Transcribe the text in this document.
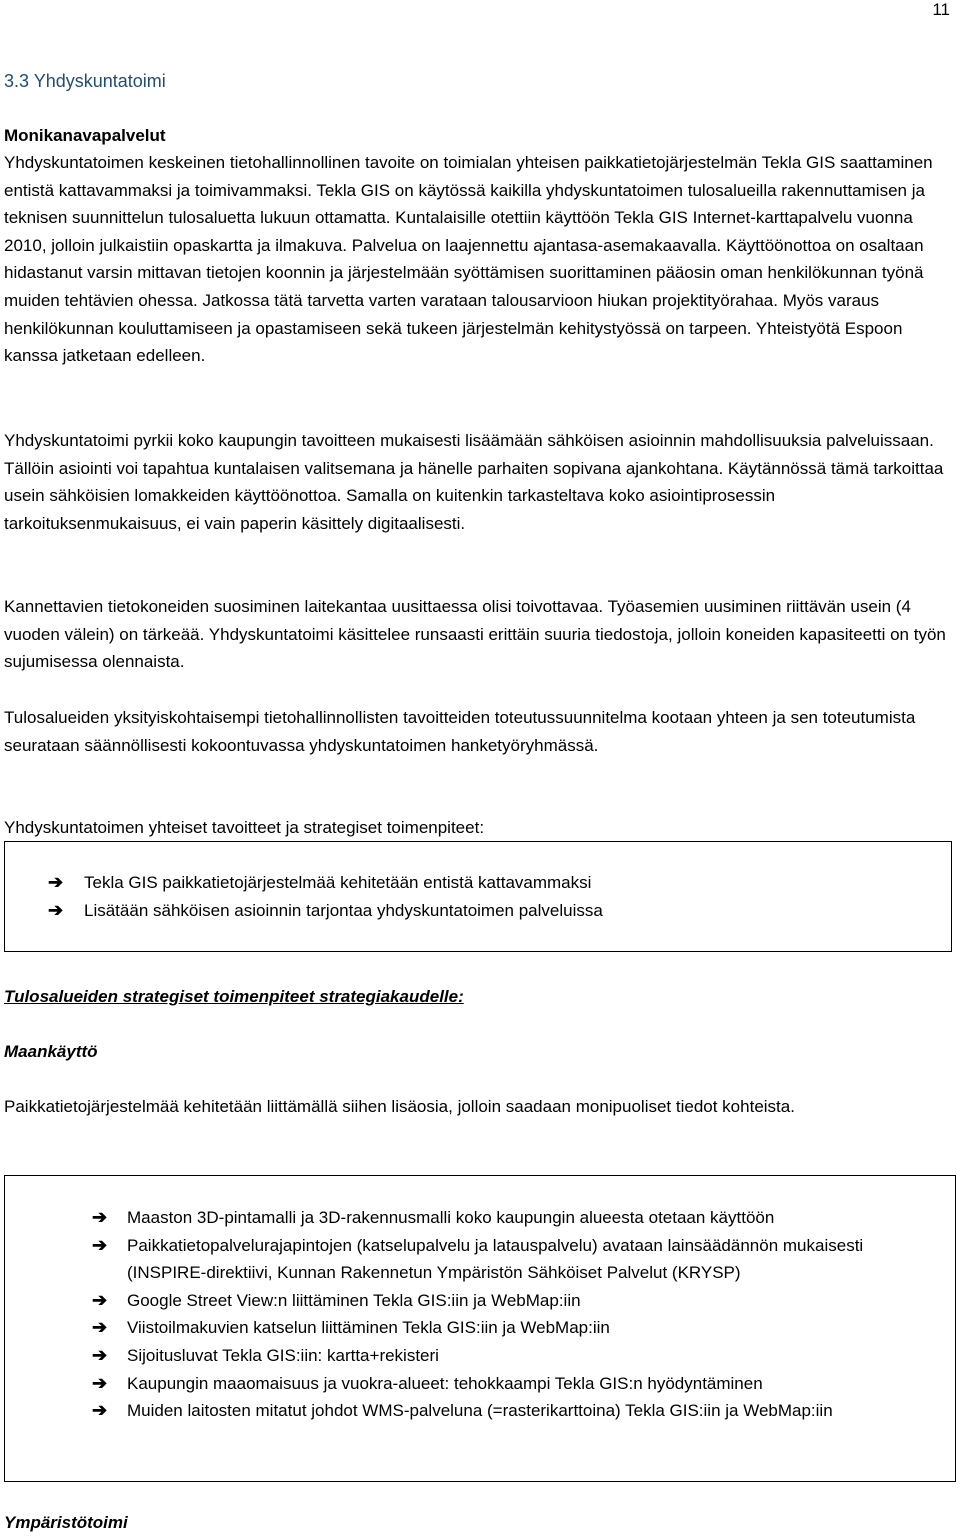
11
3.3 Yhdyskuntatoimi
Monikanavapalvelut

Yhdyskuntatoimen keskeinen tietohallinnollinen tavoite on toimialan yhteisen paikkatietojärjestelmän Tekla GIS saattaminen entistä kattavammaksi ja toimivammaksi. Tekla GIS on käytössä kaikilla yhdyskuntatoimen tulosalueilla rakennuttamisen ja teknisen suunnittelun tulosaluetta lukuun ottamatta. Kuntalaisille otettiin käyttöön Tekla GIS Internet-karttapalvelu vuonna 2010, jolloin julkaistiin opaskartta ja ilmakuva. Palvelua on laajennettu ajantasa-asemakaavalla. Käyttöönottoa on osaltaan hidastanut varsin mittavan tietojen koonnin ja järjestelmään syöttämisen suorittaminen pääosin oman henkilökunnan työnä muiden tehtävien ohessa. Jatkossa tätä tarvetta varten varataan talousarvioon hiukan projektityörahaa. Myös varaus henkilökunnan kouluttamiseen ja opastamiseen sekä tukeen järjestelmän kehitystyössä on tarpeen. Yhteistyötä Espoon kanssa jatketaan edelleen.

Yhdyskuntatoimi pyrkii koko kaupungin tavoitteen mukaisesti lisäämään sähköisen asioinnin mahdollisuuksia palveluissaan. Tällöin asiointi voi tapahtua kuntalaisen valitsemana ja hänelle parhaiten sopivana ajankohtana. Käytännössä tämä tarkoittaa usein sähköisien lomakkeiden käyttöönottoa. Samalla on kuitenkin tarkasteltava koko asiointiprosessin tarkoituksenmukaisuus, ei vain paperin käsittely digitaalisesti.

Kannettavien tietokoneiden suosiminen laitekantaa uusittaessa olisi toivottavaa. Työasemien uusiminen riittävän usein (4 vuoden välein) on tärkeää. Yhdyskuntatoimi käsittelee runsaasti erittäin suuria tiedostoja, jolloin koneiden kapasiteetti on työn sujumisessa olennaista.

Tulosalueiden yksityiskohtaisempi tietohallinnollisten tavoitteiden toteutussuunnitelma kootaan yhteen ja sen toteutumista seurataan säännöllisesti kokoontuvassa yhdyskuntatoimen hanketyöryhmässä.

Yhdyskuntatoimen yhteiset tavoitteet ja strategiset toimenpiteet:

➔ Tekla GIS paikkatietojärjestelmää kehitetään entistä kattavammaksi
➔ Lisätään sähköisen asioinnin tarjontaa yhdyskuntatoimen palveluissa
Tulosalueiden strategiset toimenpiteet strategiakaudelle:
Maankäyttö

Paikkatietojärjestelmää kehitetään liittämällä siihen lisäosia, jolloin saadaan monipuoliset tiedot kohteista.

➔ Maaston 3D-pintamalli ja 3D-rakennusmalli koko kaupungin alueesta otetaan käyttöön
➔ Paikkatietopalvelurajapintojen (katselupalvelu ja latauspalvelu) avataan lainsäädännön mukaisesti (INSPIRE-direktiivi, Kunnan Rakennetun Ympäristön Sähköiset Palvelut (KRYSP)
➔ Google Street View:n liittäminen Tekla GIS:iin ja WebMap:iin
➔ Viistoilmakuvien katselun liittäminen Tekla GIS:iin ja WebMap:iin
➔ Sijoitusluvat Tekla GIS:iin: kartta+rekisteri
➔ Kaupungin maaomaisuus ja vuokra-alueet: tehokkaampi Tekla GIS:n hyödyntäminen
➔ Muiden laitosten mitatut johdot WMS-palveluna (=rasterikarttoina) Tekla GIS:iin ja WebMap:iin
Ympäristötoimi
